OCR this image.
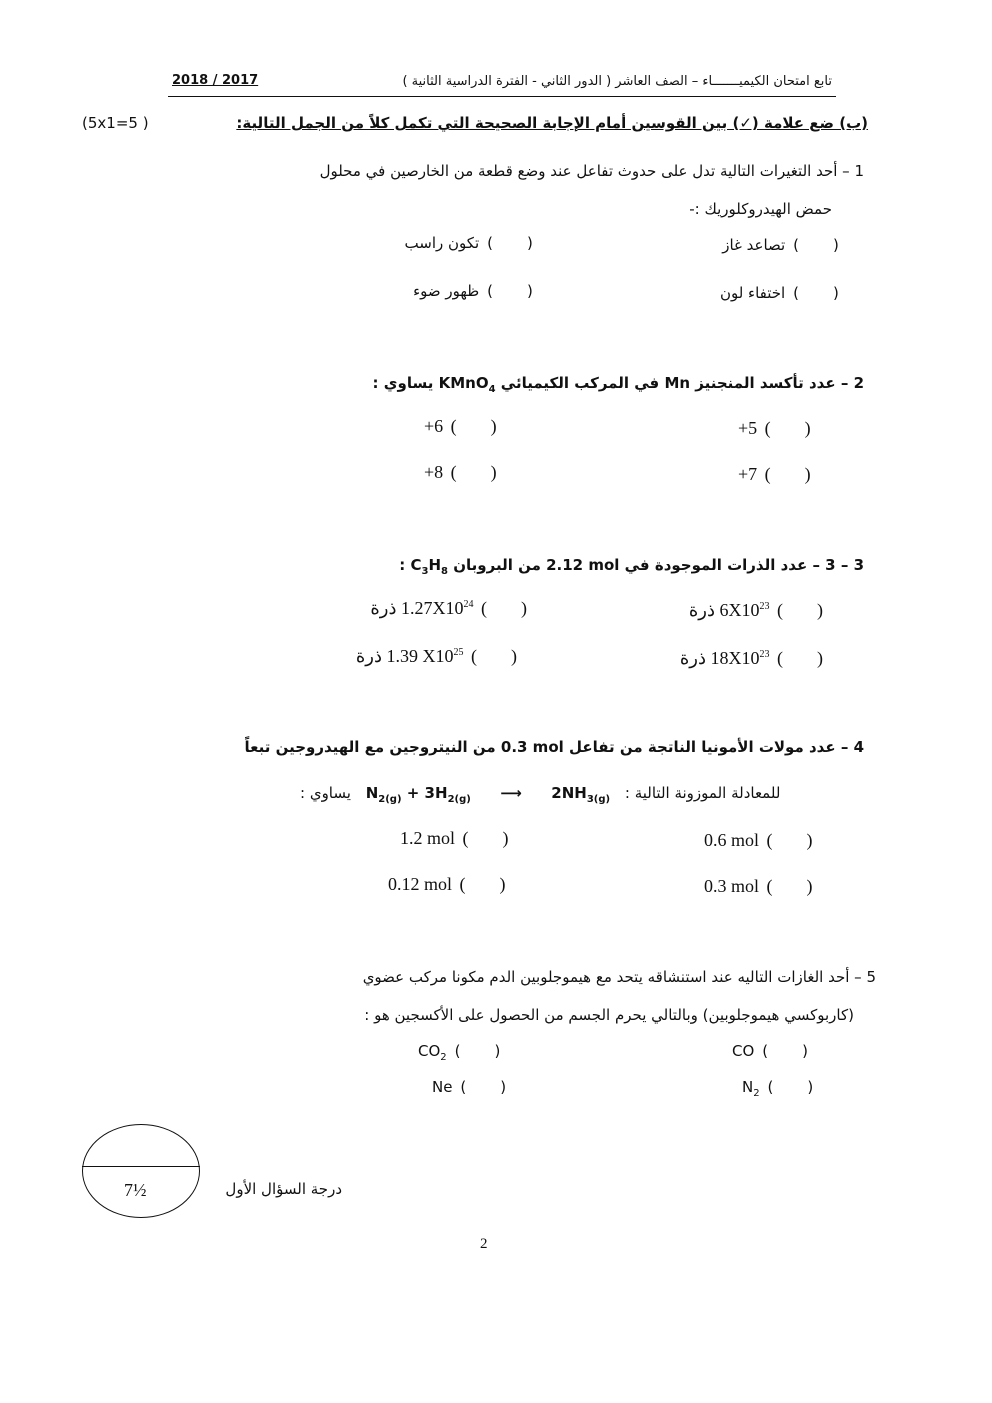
تابع امتحان الكيميـــــــاء – الصف العاشر ( الدور الثاني - الفترة الدراسية الثانية )
2018 / 2017
(ب) ضع علامة (✓) بين القوسين أمام الإجابة الصحيحة التي تكمل كلاً من الجمل التالية:
(5x1=5 )
1 – أحد التغيرات التالية تدل على حدوث تفاعل عند وضع قطعة من الخارصين في محلول
حمض الهيدروكلوريك :-
(  ) تصاعد غاز
(  ) تكون راسب
(  ) اختفاء لون
(  ) ظهور ضوء
2 – عدد تأكسد المنجنيز Mn في المركب الكيميائي KMnO$_4$ يساوي :
+5 (  )
+6 (  )
+7 (  )
+8 (  )
3 – 3 – عدد الذرات الموجودة في 2.12 mol من البروبان $C_3H_8$ :
(  ) $6X10^{23}$ ذرة
(  ) $1.27X10^{24}$ ذرة
(  ) $18X10^{23}$ ذرة
(  ) 1.39 $X10^{25}$ ذرة
4 – عدد مولات الأمونيا الناتجة من تفاعل 0.3 mol من النيتروجين مع الهيدروجين تبعاً
للمعادلة الموزونة التالية : $N_{2(g)} + 3H_{2(g)}$ ⟶ $2NH_{3(g)}$ يساوي :
0.6 mol (  )
1.2 mol (  )
0.3 mol (  )
0.12 mol (  )
5 – أحد الغازات التاليه عند استنشاقه يتحد مع هيموجلوبين الدم مكونا مركب عضوي
(كاربوكسي هيموجلوبين) وبالتالي يحرم الجسم من الحصول على الأكسجين هو :
CO (  )
$CO_2$ (  )
$N_2$ (  )
Ne (  )
7½	درجة السؤال الأول
2
